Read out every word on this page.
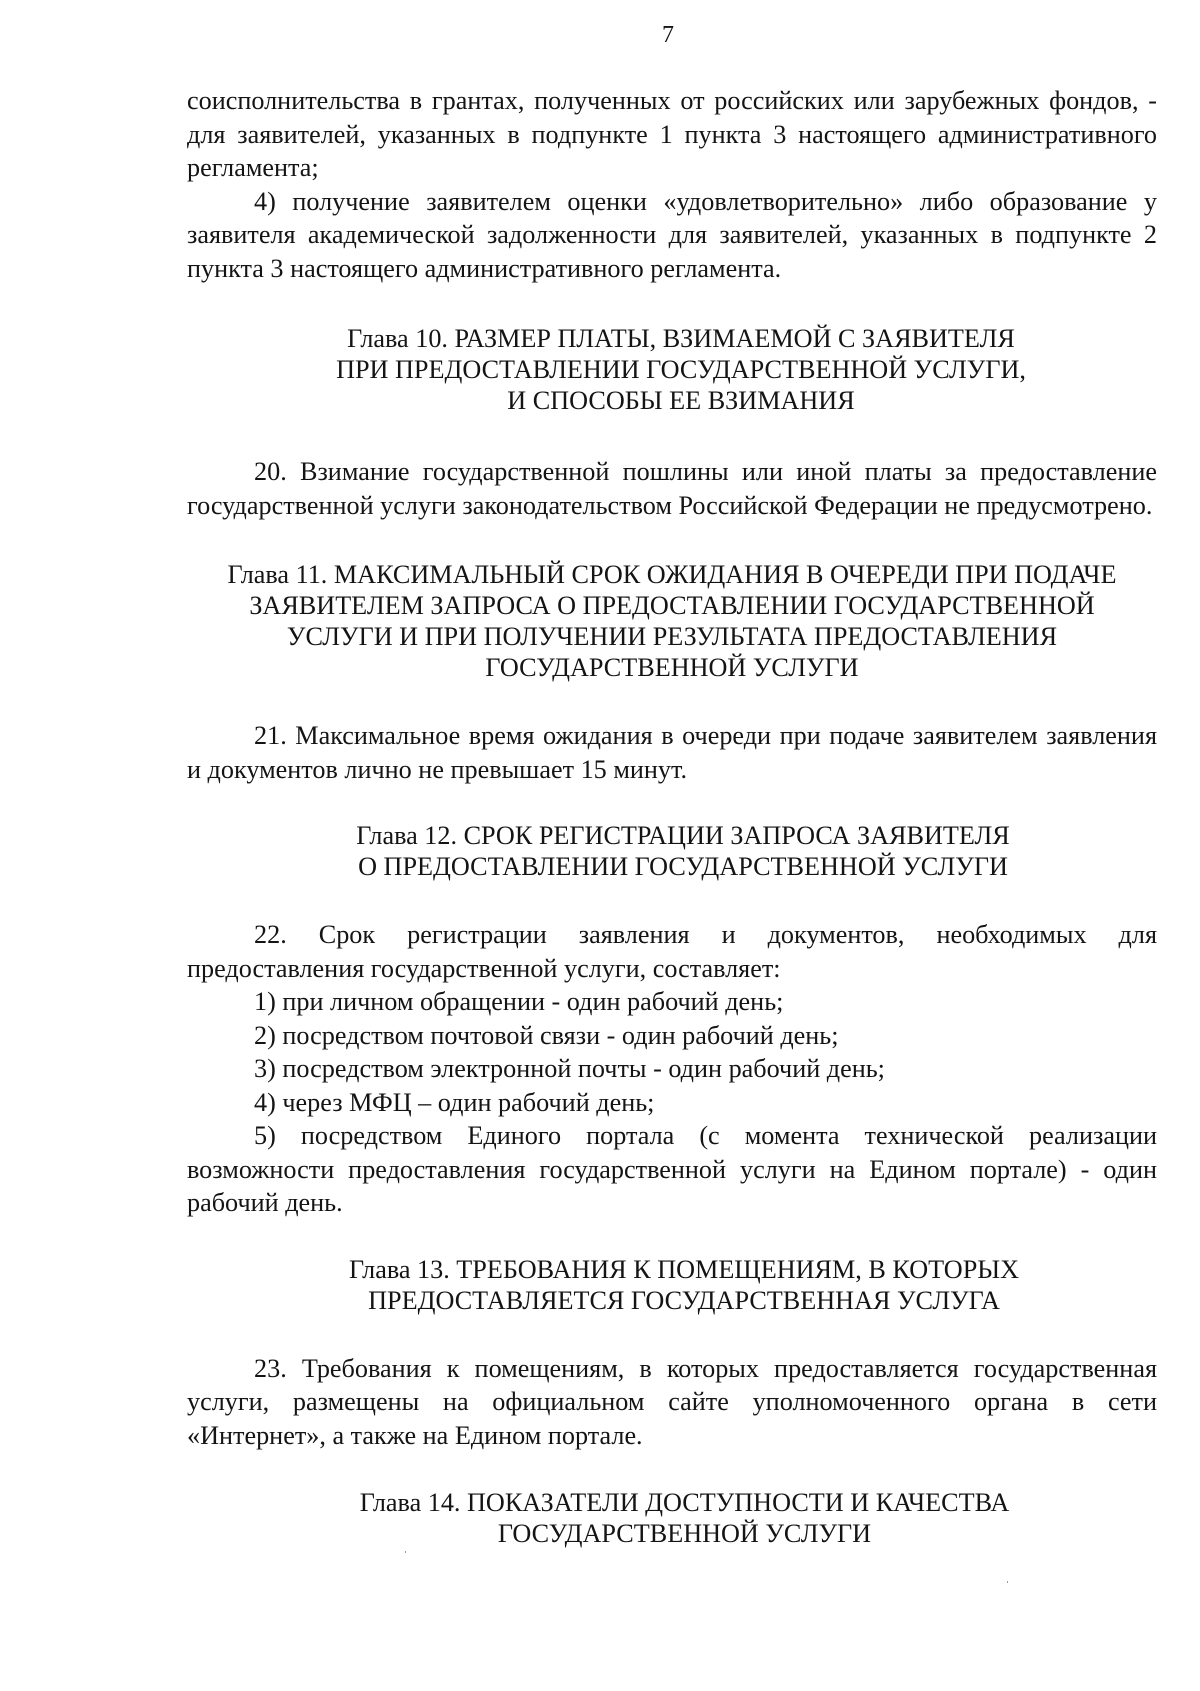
7

соисполнительства в грантах, полученных от российских или зарубежных фондов, - для заявителей, указанных в подпункте 1 пункта 3 настоящего административного регламента;

4) получение заявителем оценки «удовлетворительно» либо образование у заявителя академической задолженности для заявителей, указанных в подпункте 2 пункта 3 настоящего административного регламента.

Глава 10. РАЗМЕР ПЛАТЫ, ВЗИМАЕМОЙ С ЗАЯВИТЕЛЯ
ПРИ ПРЕДОСТАВЛЕНИИ ГОСУДАРСТВЕННОЙ УСЛУГИ,
И СПОСОБЫ ЕЕ ВЗИМАНИЯ

20. Взимание государственной пошлины или иной платы за предоставление государственной услуги законодательством Российской Федерации не предусмотрено.

Глава 11. МАКСИМАЛЬНЫЙ СРОК ОЖИДАНИЯ В ОЧЕРЕДИ ПРИ ПОДАЧЕ
ЗАЯВИТЕЛЕМ ЗАПРОСА О ПРЕДОСТАВЛЕНИИ ГОСУДАРСТВЕННОЙ
УСЛУГИ И ПРИ ПОЛУЧЕНИИ РЕЗУЛЬТАТА ПРЕДОСТАВЛЕНИЯ
ГОСУДАРСТВЕННОЙ УСЛУГИ

21. Максимальное время ожидания в очереди при подаче заявителем заявления и документов лично не превышает 15 минут.

Глава 12. СРОК РЕГИСТРАЦИИ ЗАПРОСА ЗАЯВИТЕЛЯ
О ПРЕДОСТАВЛЕНИИ ГОСУДАРСТВЕННОЙ УСЛУГИ

22. Срок регистрации заявления и документов, необходимых для предоставления государственной услуги, составляет:

1) при личном обращении - один рабочий день;

2) посредством почтовой связи - один рабочий день;

3) посредством электронной почты - один рабочий день;

4) через МФЦ – один рабочий день;

5) посредством Единого портала (с момента технической реализации возможности предоставления государственной услуги на Едином портале) - один рабочий день.

Глава 13. ТРЕБОВАНИЯ К ПОМЕЩЕНИЯМ, В КОТОРЫХ
ПРЕДОСТАВЛЯЕТСЯ ГОСУДАРСТВЕННАЯ УСЛУГА

23. Требования к помещениям, в которых предоставляется государственная услуги, размещены на официальном сайте уполномоченного органа в сети «Интернет», а также на Едином портале.

Глава 14. ПОКАЗАТЕЛИ ДОСТУПНОСТИ И КАЧЕСТВА
ГОСУДАРСТВЕННОЙ УСЛУГИ
